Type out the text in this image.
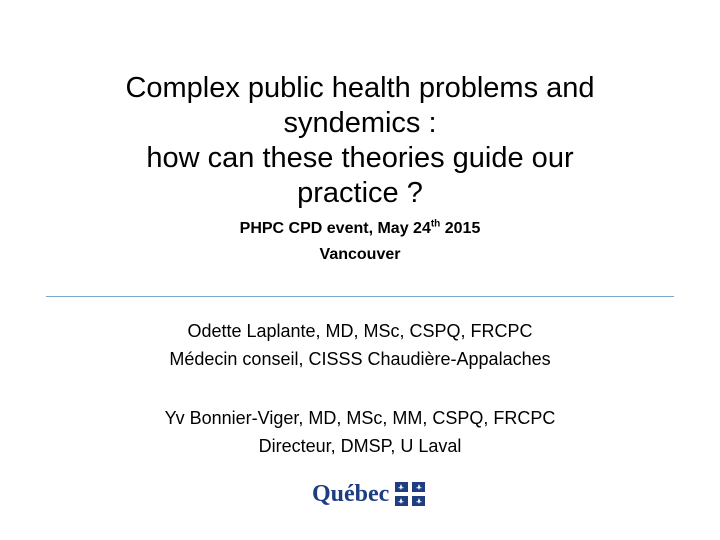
Complex public health problems and
syndemics :
how can these theories guide our
practice ?
PHPC CPD event, May 24th 2015
Vancouver
Odette Laplante, MD, MSc, CSPQ, FRCPC
Médecin conseil, CISSS Chaudière-Appalaches
Yv Bonnier-Viger, MD, MSc, MM, CSPQ, FRCPC
Directeur, DMSP, U Laval
Québec
